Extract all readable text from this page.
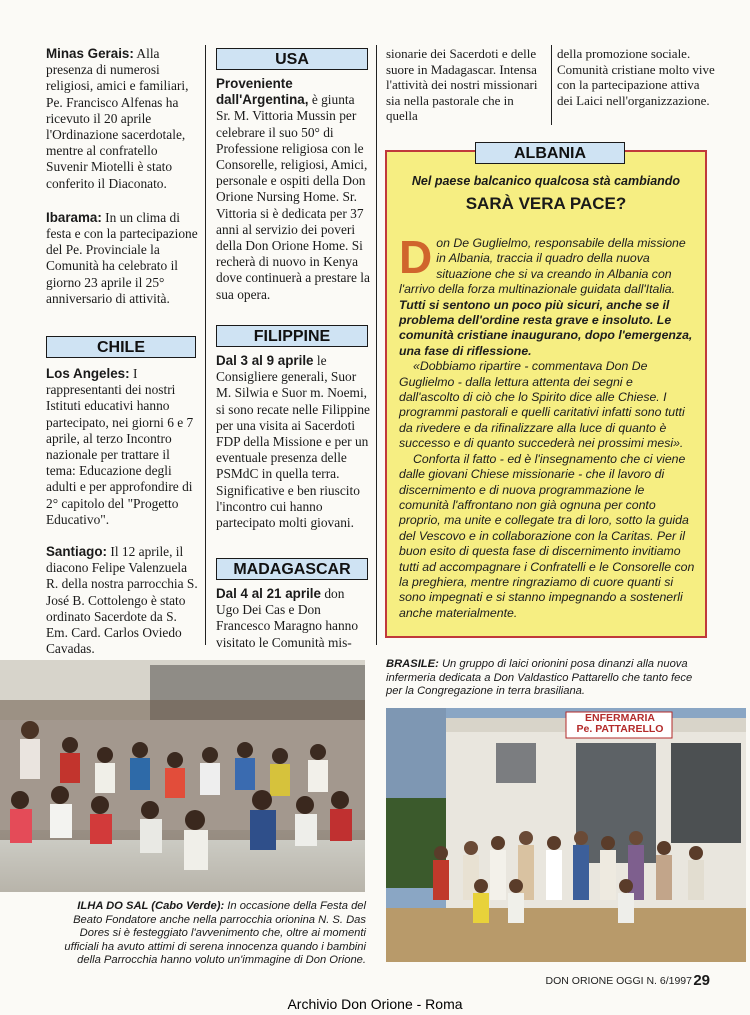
Minas Gerais: Alla presenza di numerosi religiosi, amici e familiari, Pe. Francisco Alfenas ha ricevuto il 20 aprile l'Ordinazione sacerdotale, mentre al confratello Suvenir Miotelli è stato conferito il Diaconato.

Ibarama: In un clima di festa e con la partecipazione del Pe. Provinciale la Comunità ha celebrato il giorno 23 aprile il 25° anniversario di attività.

CHILE

Los Angeles: I rappresentanti dei nostri Istituti educativi hanno partecipato, nei giorni 6 e 7 aprile, al terzo Incontro nazionale per trattare il tema: Educazione degli adulti e per approfondire di 2° capitolo del "Progetto Educativo".

Santiago: Il 12 aprile, il diacono Felipe Valenzuela R. della nostra parrocchia S. José B. Cottolengo è stato ordinato Sacerdote da S. Em. Card. Carlos Oviedo Cavadas.

USA

Proveniente dall'Argentina, è giunta Sr. M. Vittoria Mussin per celebrare il suo 50° di Professione religiosa con le Consorelle, religiosi, Amici, personale e ospiti della Don Orione Nursing Home. Sr. Vittoria si è dedicata per 37 anni al servizio dei poveri della Don Orione Home. Si recherà di nuovo in Kenya dove continuerà a prestare la sua opera.

FILIPPINE

Dal 3 al 9 aprile le Consigliere generali, Suor M. Silwia e Suor m. Noemi, si sono recate nelle Filippine per una visita ai Sacerdoti FDP della Missione e per un eventuale presenza delle PSMdC in quella terra. Significative e ben riuscito l'incontro cui hanno partecipato molti giovani.

MADAGASCAR

Dal 4 al 21 aprile don Ugo Dei Cas e Don Francesco Maragno hanno visitato le Comunità mis-

sionarie dei Sacerdoti e delle suore in Madagascar. Intensa l'attività dei nostri missionari sia nella pastorale che in quella

della promozione sociale. Comunità cristiane molto vive con la partecipazione attiva dei Laici nell'organizzazione.

ALBANIA
Nel paese balcanico qualcosa stà cambiando
SARÀ VERA PACE?

Don De Guglielmo, responsabile della missione in Albania, traccia il quadro della nuova situazione che si va creando in Albania con l'arrivo della forza multinazionale guidata dall'Italia. Tutti si sentono un poco più sicuri, anche se il problema dell'ordine resta grave e insoluto. Le comunità cristiane inaugurano, dopo l'emergenza, una fase di riflessione.

«Dobbiamo ripartire - commentava Don De Guglielmo - dalla lettura attenta dei segni e dall'ascolto di ciò che lo Spirito dice alle Chiese. I programmi pastorali e quelli caritativi infatti sono tutti da rivedere e da rifinalizzare alla luce di quanto è successo e di quanto succederà nei prossimi mesi».

Conforta il fatto - ed è l'insegnamento che ci viene dalle giovani Chiese missionarie - che il lavoro di discernimento e di nuova programmazione le comunità l'affrontano non già ognuna per conto proprio, ma unite e collegate tra di loro, sotto la guida del Vescovo e in collaborazione con la Caritas. Per il buon esito di questa fase di discernimento invitiamo tutti ad accompagnare i Confratelli e le Consorelle con la preghiera, mentre ringraziamo di cuore quanti si sono impegnati e si stanno impegnando a sostenerli anche materialmente.

BRASILE: Un gruppo di laici orionini posa dinanzi alla nuova infermeria dedicata a Don Valdastico Pattarello che tanto fece per la Congregazione in terra brasiliana.
ENFERMARIA
Pe. PATTARELLO
ILHA DO SAL (Cabo Verde): In occasione della Festa del Beato Fondatore anche nella parrocchia orionina N. S. Das Dores si è festeggiato l'avvenimento che, oltre ai momenti ufficiali ha avuto attimi di serena innocenza quando i bambini della Parrocchia hanno voluto un'immagine di Don Orione.
DON ORIONE OGGI N. 6/1997 29
Archivio Don Orione - Roma
